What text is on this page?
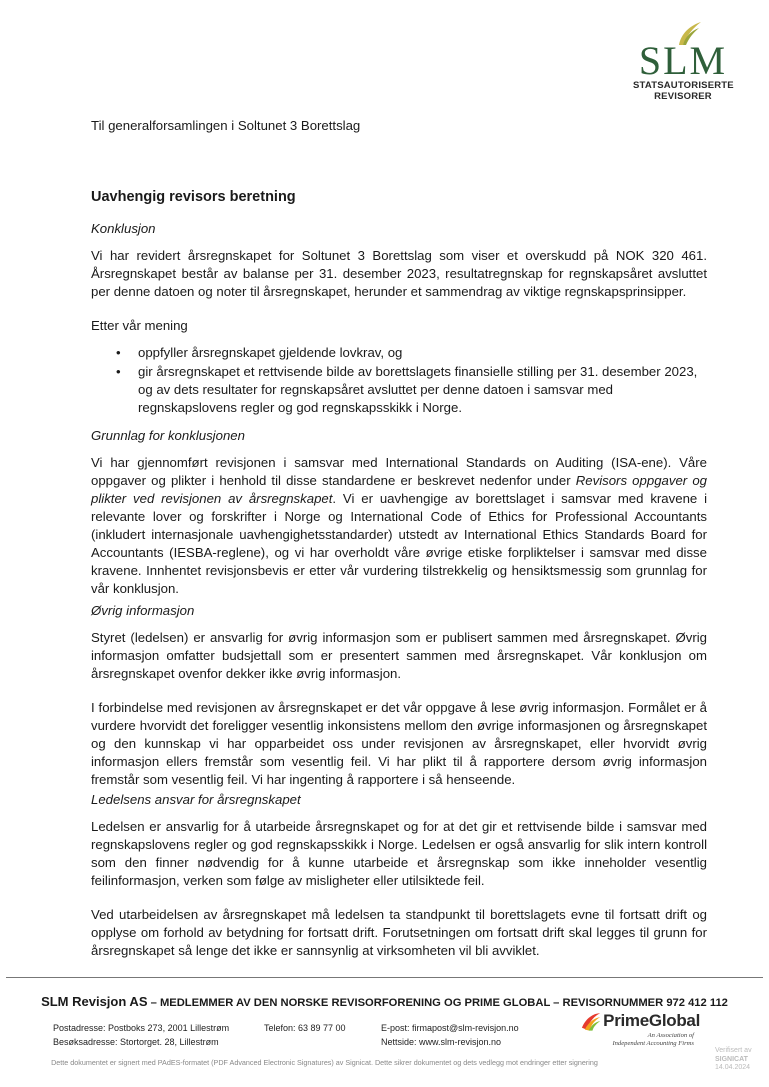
SLM
STATSAUTORISERTE
REVISORER
Til generalforsamlingen i Soltunet 3 Borettslag
Uavhengig revisors beretning

Konklusjon

Vi har revidert årsregnskapet for Soltunet 3 Borettslag som viser et overskudd på NOK 320 461. Årsregnskapet består av balanse per 31. desember 2023, resultatregnskap for regnskapsåret avsluttet per denne datoen og noter til årsregnskapet, herunder et sammendrag av viktige regnskapsprinsipper.

Etter vår mening

• oppfyller årsregnskapet gjeldende lovkrav, og
• gir årsregnskapet et rettvisende bilde av borettslagets finansielle stilling per 31. desember 2023, og av dets resultater for regnskapsåret avsluttet per denne datoen i samsvar med regnskapslovens regler og god regnskapsskikk i Norge.

Grunnlag for konklusjonen

Vi har gjennomført revisjonen i samsvar med International Standards on Auditing (ISA-ene). Våre oppgaver og plikter i henhold til disse standardene er beskrevet nedenfor under Revisors oppgaver og plikter ved revisjonen av årsregnskapet. Vi er uavhengige av borettslaget i samsvar med kravene i relevante lover og forskrifter i Norge og International Code of Ethics for Professional Accountants (inkludert internasjonale uavhengighetsstandarder) utstedt av International Ethics Standards Board for Accountants (IESBA-reglene), og vi har overholdt våre øvrige etiske forpliktelser i samsvar med disse kravene. Innhentet revisjonsbevis er etter vår vurdering tilstrekkelig og hensiktsmessig som grunnlag for vår konklusjon.

Øvrig informasjon

Styret (ledelsen) er ansvarlig for øvrig informasjon som er publisert sammen med årsregnskapet. Øvrig informasjon omfatter budsjettall som er presentert sammen med årsregnskapet. Vår konklusjon om årsregnskapet ovenfor dekker ikke øvrig informasjon.

I forbindelse med revisjonen av årsregnskapet er det vår oppgave å lese øvrig informasjon. Formålet er å vurdere hvorvidt det foreligger vesentlig inkonsistens mellom den øvrige informasjonen og årsregnskapet og den kunnskap vi har opparbeidet oss under revisjonen av årsregnskapet, eller hvorvidt øvrig informasjon ellers fremstår som vesentlig feil. Vi har plikt til å rapportere dersom øvrig informasjon fremstår som vesentlig feil. Vi har ingenting å rapportere i så henseende.

Ledelsens ansvar for årsregnskapet

Ledelsen er ansvarlig for å utarbeide årsregnskapet og for at det gir et rettvisende bilde i samsvar med regnskapslovens regler og god regnskapsskikk i Norge. Ledelsen er også ansvarlig for slik intern kontroll som den finner nødvendig for å kunne utarbeide et årsregnskap som ikke inneholder vesentlig feilinformasjon, verken som følge av misligheter eller utilsiktede feil.

Ved utarbeidelsen av årsregnskapet må ledelsen ta standpunkt til borettslagets evne til fortsatt drift og opplyse om forhold av betydning for fortsatt drift. Forutsetningen om fortsatt drift skal legges til grunn for årsregnskapet så lenge det ikke er sannsynlig at virksomheten vil bli avviklet.

SLM Revisjon AS – MEDLEMMER AV DEN NORSKE REVISORFORENING OG PRIME GLOBAL – REVISORNUMMER 972 412 112
Postadresse: Postboks 273, 2001 Lillestrøm
Besøksadresse: Stortorget. 28, Lillestrøm
Telefon: 63 89 77 00	E-post: firmapost@slm-revisjon.no
Nettside: www.slm-revisjon.no
PrimeGlobal
An Association of
Independent Accounting Firms
Dette dokumentet er signert med PAdES-formatet (PDF Advanced Electronic Signatures) av Signicat. Dette sikrer dokumentet og dets vedlegg mot endringer etter signering
Verifisert av
SIGNICAT
14.04.2024
